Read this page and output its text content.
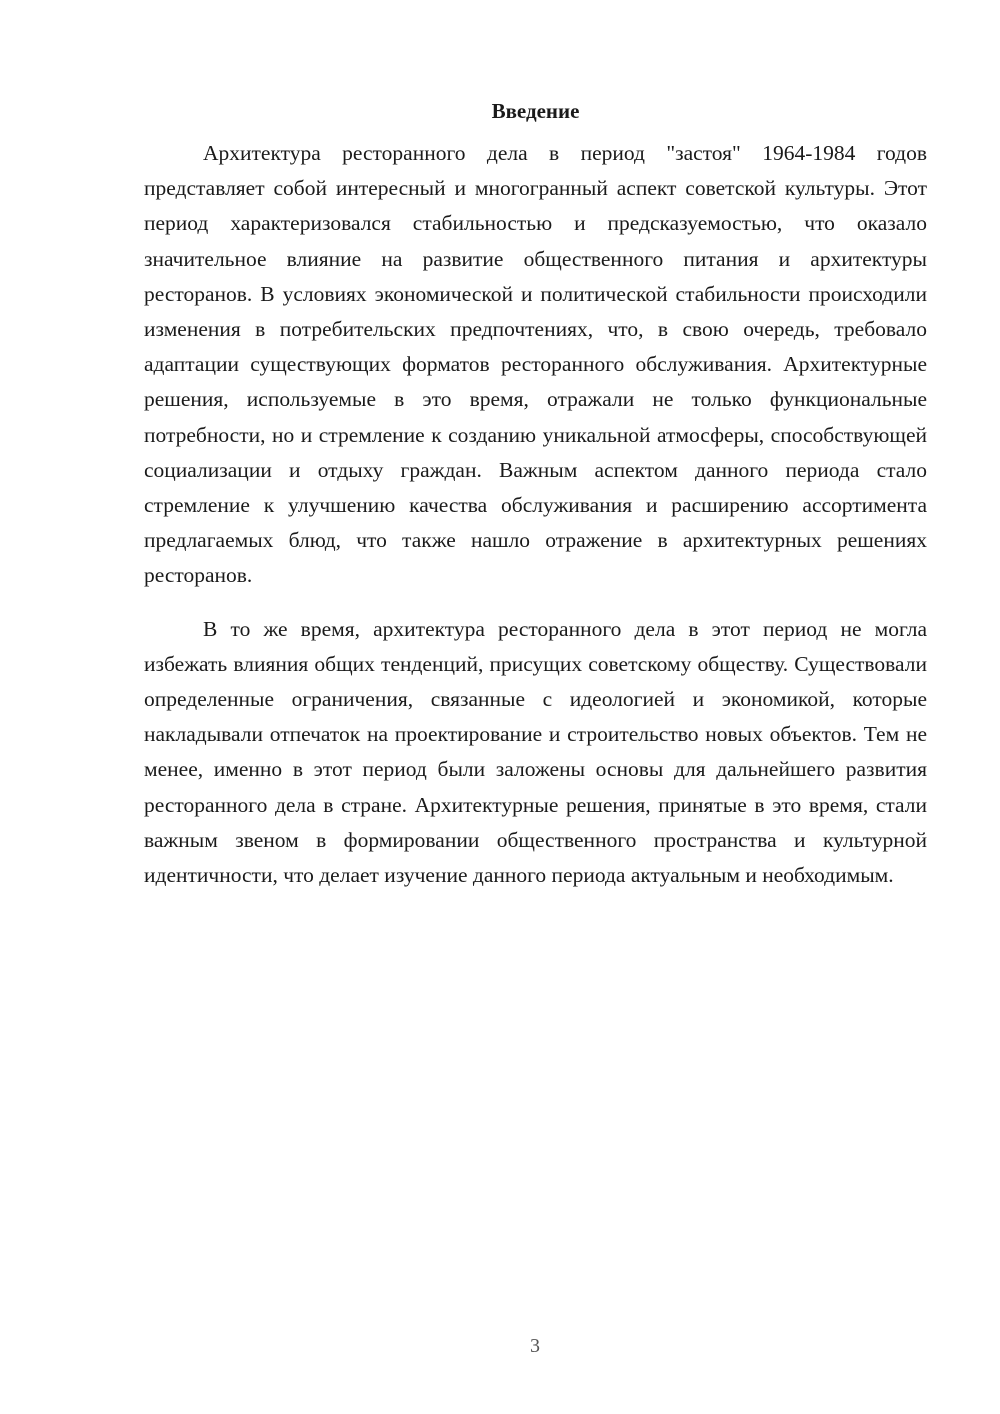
Введение

Архитектура ресторанного дела в период "застоя" 1964-1984 годов представляет собой интересный и многогранный аспект советской культуры. Этот период характеризовался стабильностью и предсказуемостью, что оказало значительное влияние на развитие общественного питания и архитектуры ресторанов. В условиях экономической и политической стабильности происходили изменения в потребительских предпочтениях, что, в свою очередь, требовало адаптации существующих форматов ресторанного обслуживания. Архитектурные решения, используемые в это время, отражали не только функциональные потребности, но и стремление к созданию уникальной атмосферы, способствующей социализации и отдыху граждан. Важным аспектом данного периода стало стремление к улучшению качества обслуживания и расширению ассортимента предлагаемых блюд, что также нашло отражение в архитектурных решениях ресторанов.

В то же время, архитектура ресторанного дела в этот период не могла избежать влияния общих тенденций, присущих советскому обществу. Существовали определенные ограничения, связанные с идеологией и экономикой, которые накладывали отпечаток на проектирование и строительство новых объектов. Тем не менее, именно в этот период были заложены основы для дальнейшего развития ресторанного дела в стране. Архитектурные решения, принятые в это время, стали важным звеном в формировании общественного пространства и культурной идентичности, что делает изучение данного периода актуальным и необходимым.

3
